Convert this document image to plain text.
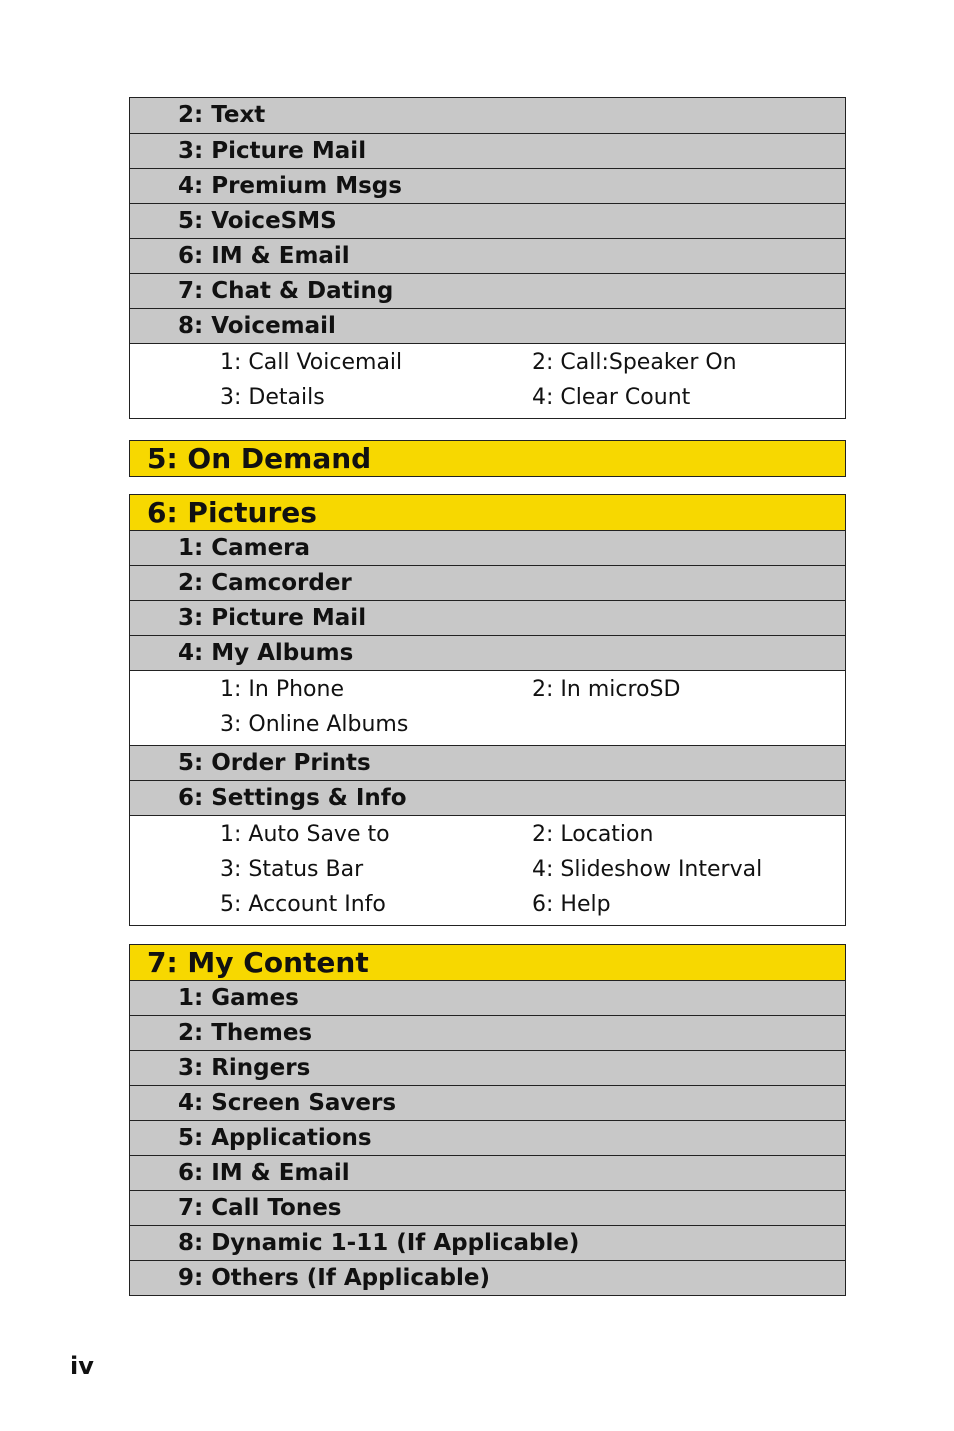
2: Text
3: Picture Mail
4: Premium Msgs
5: VoiceSMS
6: IM & Email
7: Chat & Dating
8: Voicemail
1: Call Voicemail	2: Call:Speaker On
3: Details	4: Clear Count
5: On Demand
6: Pictures
1: Camera
2: Camcorder
3: Picture Mail
4: My Albums
1: In Phone	2: In microSD
3: Online Albums
5: Order Prints
6: Settings & Info
1: Auto Save to	2: Location
3: Status Bar	4: Slideshow Interval
5: Account Info	6: Help
7: My Content
1: Games
2: Themes
3: Ringers
4: Screen Savers
5: Applications
6: IM & Email
7: Call Tones
8: Dynamic 1-11 (If Applicable)
9: Others (If Applicable)
iv
